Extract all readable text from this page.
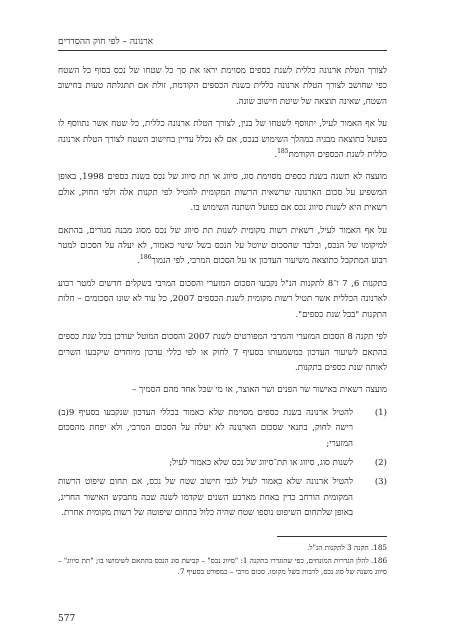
ארנונה – לפי חוק ההסדרים

לצורך הטלת ארנונה כללית לשנת כספים מסוימת יראו את סך כל שטחו של נכס בסוף כל השטח כפי שחושב לצורך הטלת ארנונה כללית בשנת הכספים הקודמת, זולת אם תתגלתה טעות בחישוב השטח, שאינה תוצאה של שיטת חישוב שונה.

על אף האמור לעיל, יתווסף לשטחו של בנין, לצורך הטלת ארנונה כללית, כל שטח אשר נתווסף לו בפועל כתוצאה מבניה במהלך השימוש בנכס, אם לא נכלל עדיין בחישוב השטח לצורך הטלת ארנונה כללית לשנת הכספים הקודמת$^{185}$.

מועצה לא תשנה בשנת כספים מסוימת סוג, סיווג או תת סיווג של נכס בשנת כספים 1998, באופן המשפיע על סכום הארנונה שרשאית הרשות המקומית להטיל לפי תקנות אלה ולפי החוק, אולם רשאית היא לשנות סיווג נכס אם בפועל השתנה השימוש בו.

על אף האמור לעיל, רשאית רשות מקומית לשנות תת סיווג של נכס מסוג מבנה מגורים, בהתאם למיקומו של הנכס, ובלבד שהסכום שיוטל על הנכס בשל שינוי כאמור, לא יעלה על הסכום למטר רבוע המתקבל כתוצאה משיעור העדכון או על הסכום המרבי, לפי הנמוך$^{186}$.

בתקנות 6, 7 ו־8 לתקנות הנ"ל נקבעו הסכום המזערי והסכום המרבי בשקלים חדשים למטר רבוע לארנונה הכללית אשר תטיל רשות מקומית לשנת הכספים 2007, כל עוד לא שונו הסכומים – חלות התקנות "בכל שנת כספים".

לפי תקנה 8 הסכום המזערי והמרבי המפורטים לשנת 2007 והסכום המוטל יעודכן בכל שנת כספים בהתאם לשיעור העדכון כמשמעותו בסעיף 7 לחוק או לפי כללי עדכון מיוחדים שיקבעו השרים לאותה שנת כספים בתקנות.

מועצה רשאית באישור שר הפנים ושר האוצר, או מי שכל אחד מהם הסמיך –

(1)
להטיל ארנונה בשנת כספים מסוימת שלא כאמור בכללי העדכון שנקבעו בסעיף 9(ב) רישה לחוק, בתנאי שסכום הארנונה לא יעלה על הסכום המרבי, ולא יפחת מהסכום המזערי;
(2)
לשנות סוג, סיווג או תת־סיווג של נכס שלא כאמור לעיל;
(3)
להטיל ארנונה שלא כאמור לעיל לגבי חישוב שטח של נכס, אם תחום שיפוט הרשות המקומית הורחב כדין באחת מארבע השנים שקדמו לשנה שבה מתבקש האישור החריג, באופן שלתחום השיפוט נוספו שטח שהיה כלול בתחום שיפוטה של רשות מקומית אחרת.

185. תקנה 3 לתקנות הנ"ל.

186. להלן הגדרות המונחים, כפי שהוגדרו בתקנה 1: "סיווג נכס" – קביעת סוג הנכס בהתאם לשימושו בו; "תת סיווג" – סיווג משנה של סוג נכס, לרבות בשל מקומו. סכום מרבי – כמפורט בסעיף 7.

577
